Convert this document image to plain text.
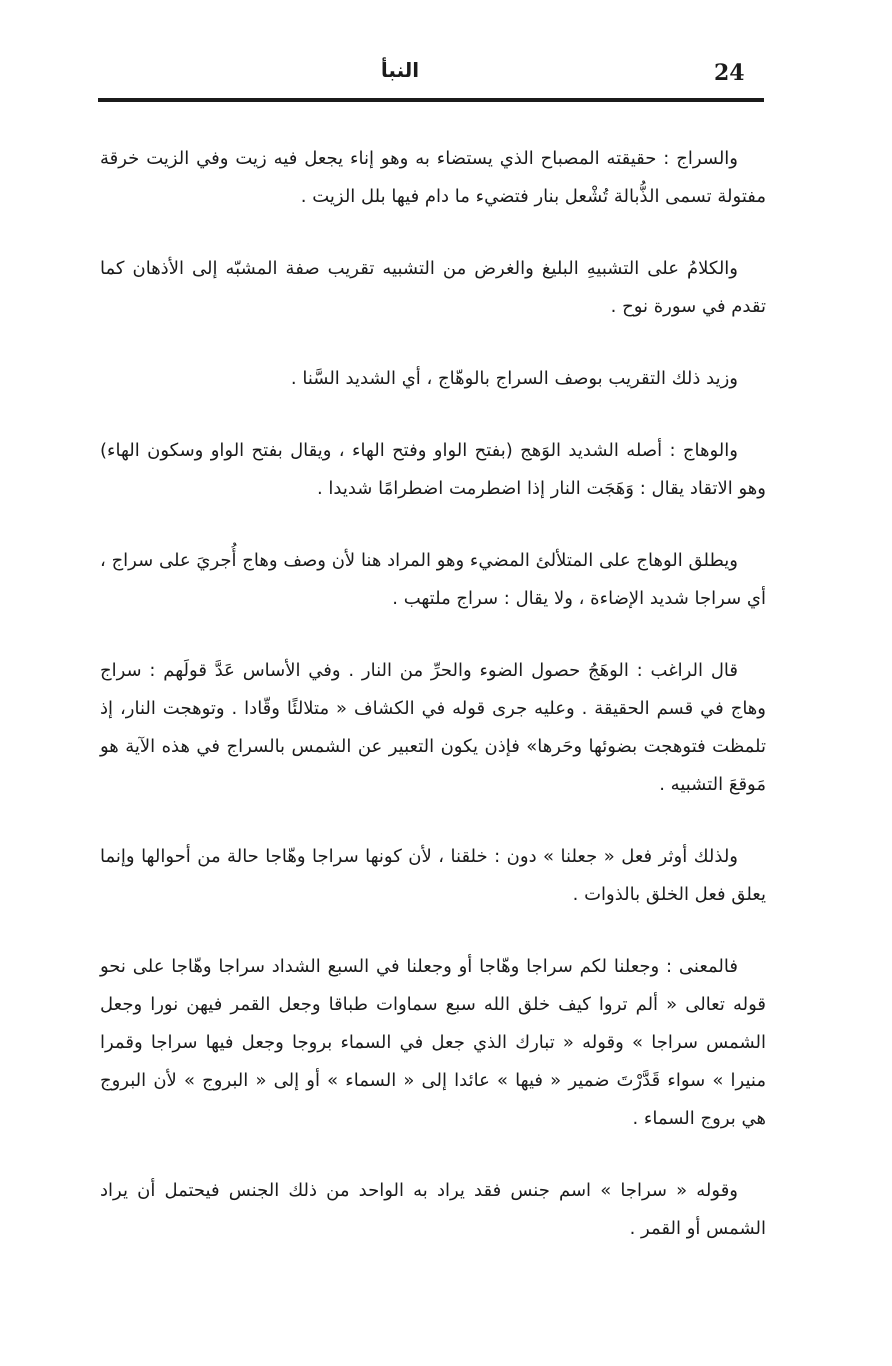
24
النبأ

والسراج : حقيقته المصباح الذي يستضاء به وهو إناء يجعل فيه زيت وفي الزيت خرقة مفتولة تسمى الذُّبالة تُشْعل بنار فتضيء ما دام فيها بلل الزيت .

والكلامُ على التشبيهِ البليغ والغرض من التشبيه تقريب صفة المشبّه إلى الأذهان كما تقدم في سورة نوح .

وزيد ذلك التقريب بوصف السراج بالوهّاج ، أي الشديد السَّنا .

والوهاج : أصله الشديد الوَهج (بفتح الواو وفتح الهاء ، ويقال بفتح الواو وسكون الهاء) وهو الاتقاد يقال : وَهَجَت النار إذا اضطرمت اضطرامًا شديدا .

ويطلق الوهاج على المتلألئ المضيء وهو المراد هنا لأن وصف وهاج أُجريَ على سراج ، أي سراجا شديد الإضاءة ، ولا يقال : سراج ملتهب .

قال الراغب : الوهَجُ حصول الضوء والحرِّ من النار . وفي الأساس عَدَّ قولَهم : سراج وهاج في قسم الحقيقة . وعليه جرى قوله في الكشاف « متلالئًا وقّادا . وتوهجت النار، إذ تلمظت فتوهجت بضوئها وحَرها» فإذن يكون التعبير عن الشمس بالسراج في هذه الآية هو مَوقعَ التشبيه .

ولذلك أوثر فعل « جعلنا » دون : خلقنا ، لأن كونها سراجا وهّاجا حالة من أحوالها وإنما يعلق فعل الخلق بالذوات .

فالمعنى : وجعلنا لكم سراجا وهّاجا أو وجعلنا في السبع الشداد سراجا وهّاجا على نحو قوله تعالى « ألم تروا كيف خلق الله سبع سماوات طباقا وجعل القمر فيهن نورا وجعل الشمس سراجا » وقوله « تبارك الذي جعل في السماء بروجا وجعل فيها سراجا وقمرا منيرا » سواء قَدَّرْتَ ضمير « فيها » عائدا إلى « السماء » أو إلى « البروج » لأن البروج هي بروج السماء .

وقوله « سراجا » اسم جنس فقد يراد به الواحد من ذلك الجنس فيحتمل أن يراد الشمس أو القمر .
